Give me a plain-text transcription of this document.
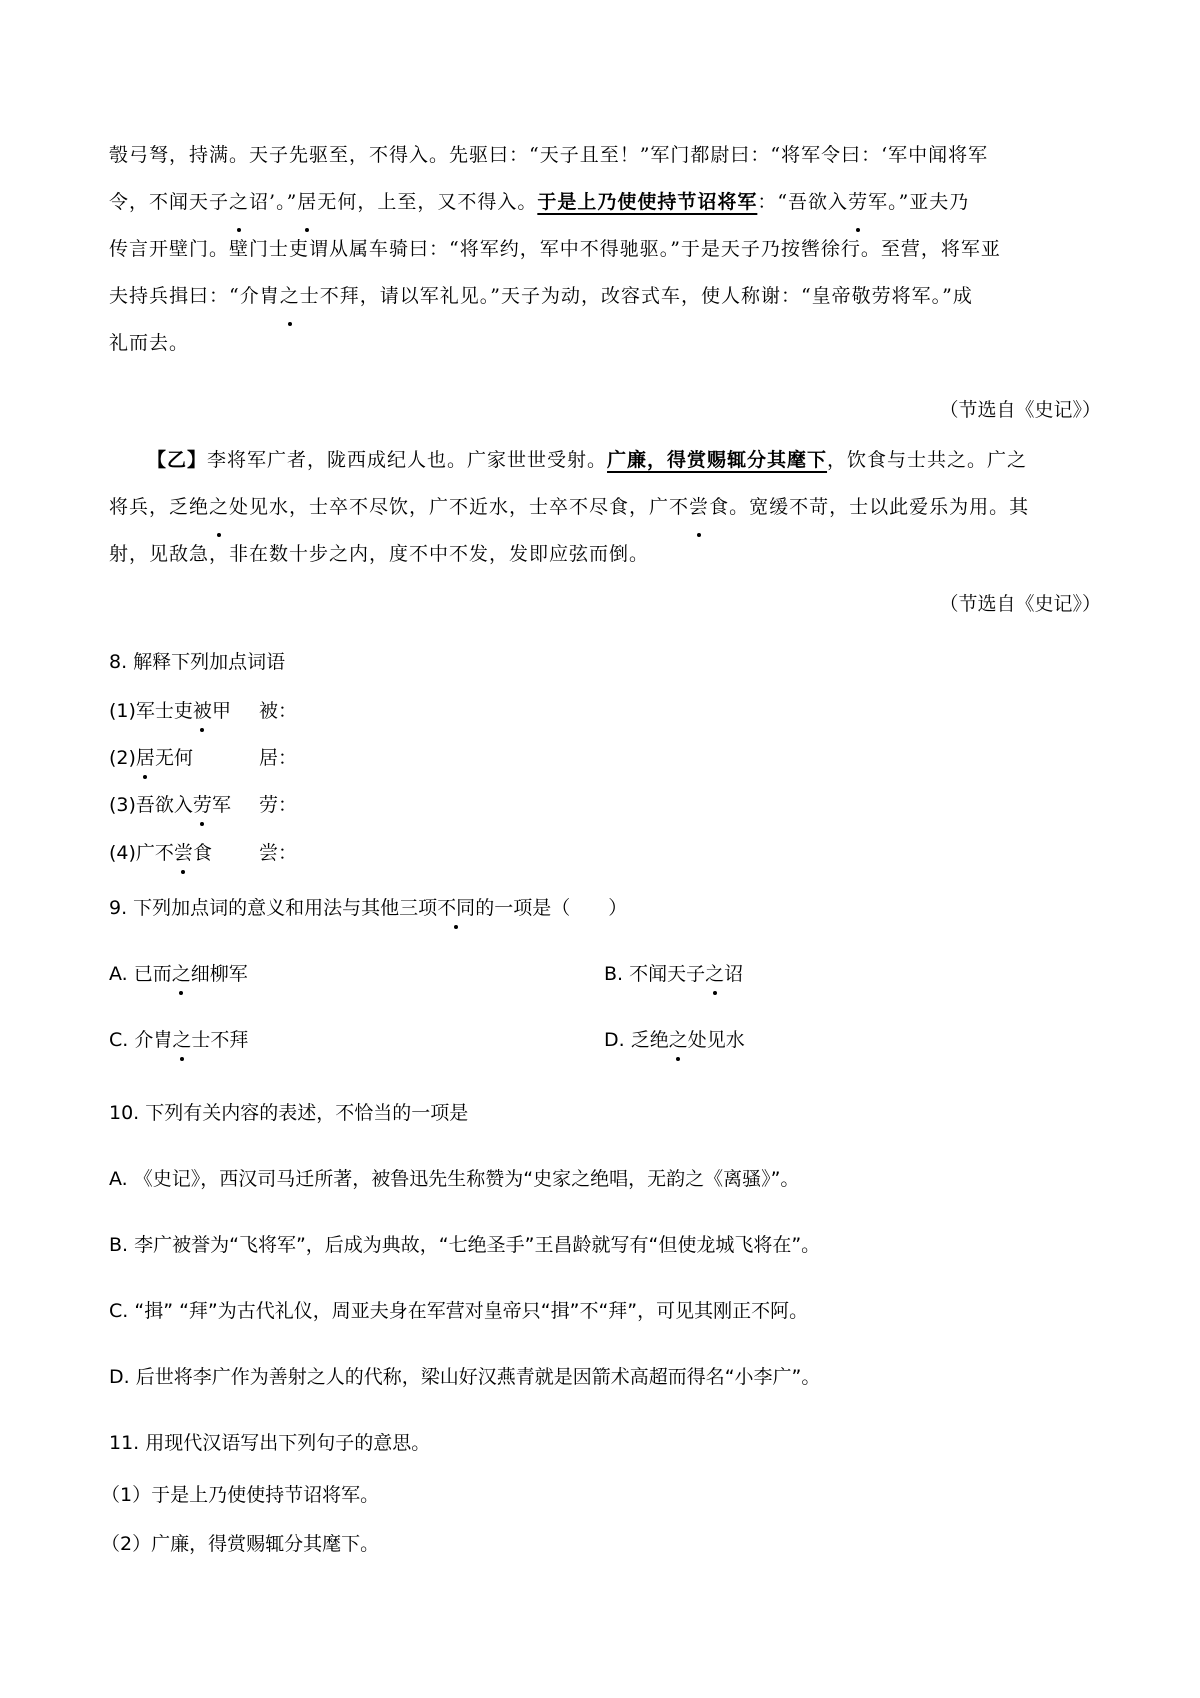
彀弓弩，持满。天子先驱至，不得入。先驱曰：“天子且至！”军门都尉曰：“将军令曰：‘军中闻将军

令，不闻天子之诏’。”居无何，上至，又不得入。于是上乃使使持节诏将军：“吾欲入劳军。”亚夫乃

传言开壁门。壁门士吏谓从属车骑曰：“将军约，军中不得驰驱。”于是天子乃按辔徐行。至营，将军亚

夫持兵揖曰：“介胄之士不拜，请以军礼见。”天子为动，改容式车，使人称谢：“皇帝敬劳将军。”成

礼而去。

（节选自《史记》）

【乙】李将军广者，陇西成纪人也。广家世世受射。广廉，得赏赐辄分其麾下，饮食与士共之。广之

将兵，乏绝之处见水，士卒不尽饮，广不近水，士卒不尽食，广不尝食。宽缓不苛，士以此爱乐为用。其

射，见敌急，非在数十步之内，度不中不发，发即应弦而倒。

（节选自《史记》）
8. 解释下列加点词语
(1)军士吏被甲 被：
(2)居无何	居：
(3)吾欲入劳军 劳：
(4)广不尝食 尝：
9. 下列加点词的意义和用法与其他三项不同的一项是（　　）
A. 已而之细柳军	B. 不闻天子之诏
C. 介胄之士不拜	D. 乏绝之处见水
10. 下列有关内容的表述，不恰当的一项是
A. 《史记》，西汉司马迁所著，被鲁迅先生称赞为“史家之绝唱，无韵之《离骚》”。
B. 李广被誉为“飞将军”，后成为典故，“七绝圣手”王昌龄就写有“但使龙城飞将在”。
C. “揖” “拜”为古代礼仪，周亚夫身在军营对皇帝只“揖”不“拜”，可见其刚正不阿。
D. 后世将李广作为善射之人的代称，梁山好汉燕青就是因箭术高超而得名“小李广”。
11. 用现代汉语写出下列句子的意思。
（1）于是上乃使使持节诏将军。
（2）广廉，得赏赐辄分其麾下。
